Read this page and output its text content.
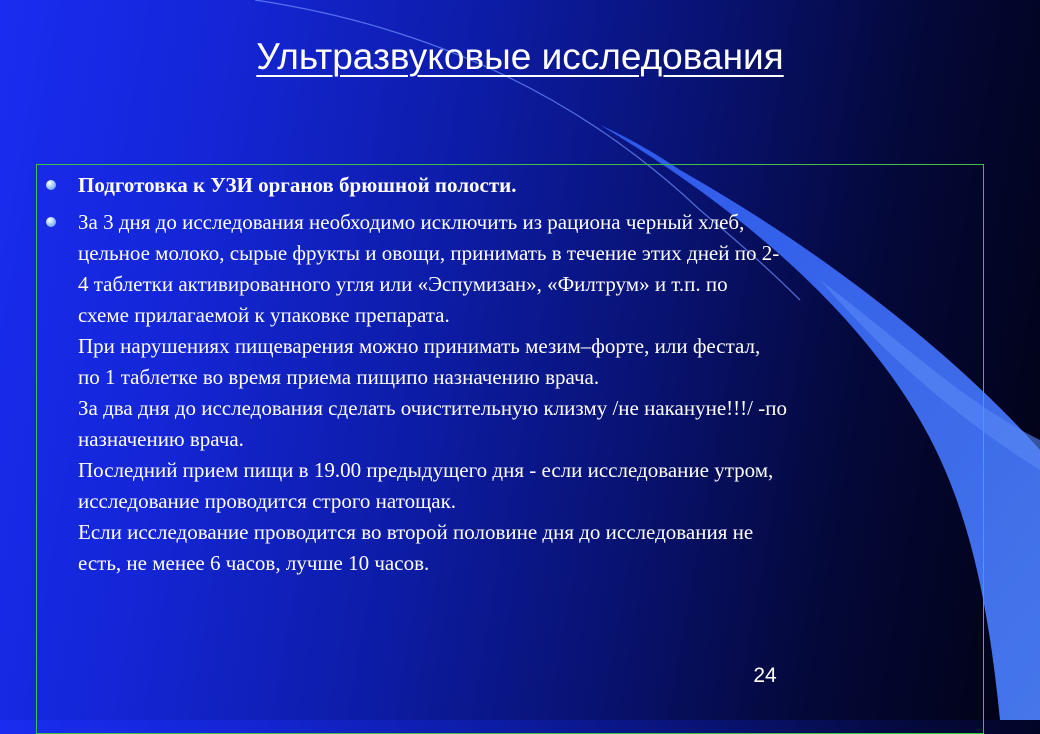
Ультразвуковые исследования
Подготовка к УЗИ органов брюшной полости.
За 3 дня до исследования необходимо исключить из рациона черный хлеб,
цельное молоко, сырые фрукты и овощи, принимать в течение этих дней по 2-
4 таблетки активированного угля или «Эспумизан», «Филтрум» и т.п. по
схеме прилагаемой к упаковке препарата.
При нарушениях пищеварения можно принимать мезим–форте, или фестал,
по 1 таблетке во время приема пищипо назначению врача.
За два дня до исследования сделать очистительную клизму /не накануне!!!/ -по
назначению врача.
Последний прием пищи в 19.00 предыдущего дня - если исследование утром,
исследование проводится строго натощак.
Если исследование проводится во второй половине дня до исследования не
есть, не менее 6 часов, лучше 10 часов.
24
